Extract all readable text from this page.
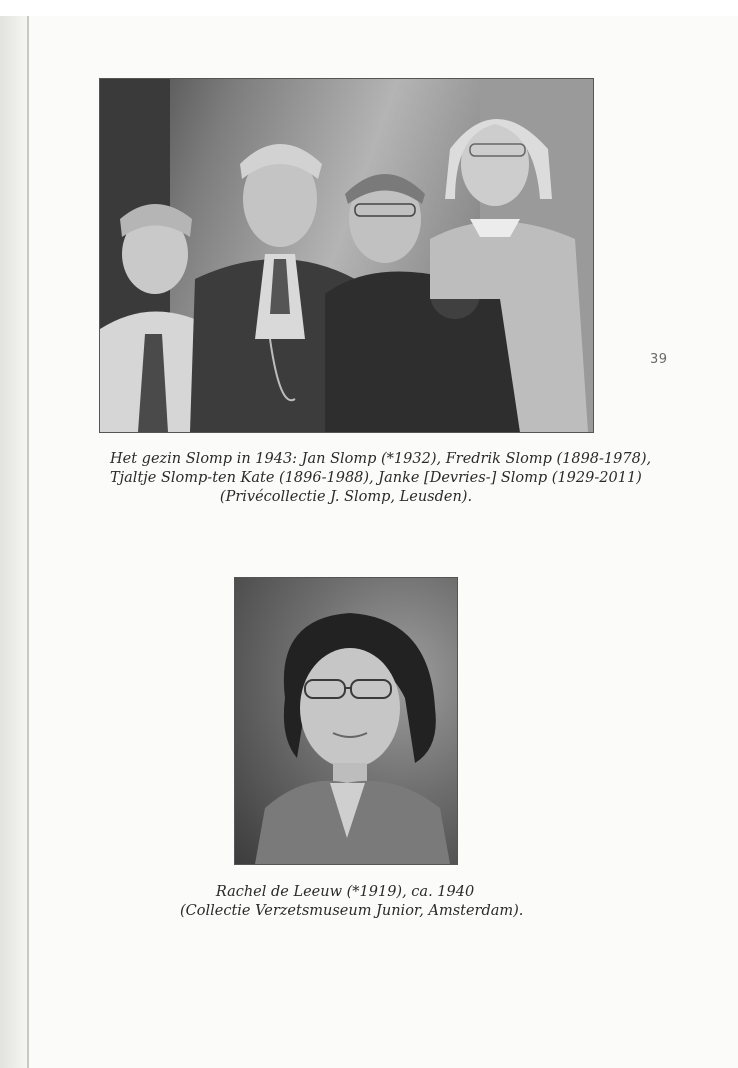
39
Het gezin Slomp in 1943: Jan Slomp (*1932), Fredrik Slomp (1898-1978),
Tjaltje Slomp-ten Kate (1896-1988), Janke [Devries-] Slomp (1929-2011)
(Privécollectie J. Slomp, Leusden).
Rachel de Leeuw (*1919), ca. 1940
(Collectie Verzetsmuseum Junior, Amsterdam).
